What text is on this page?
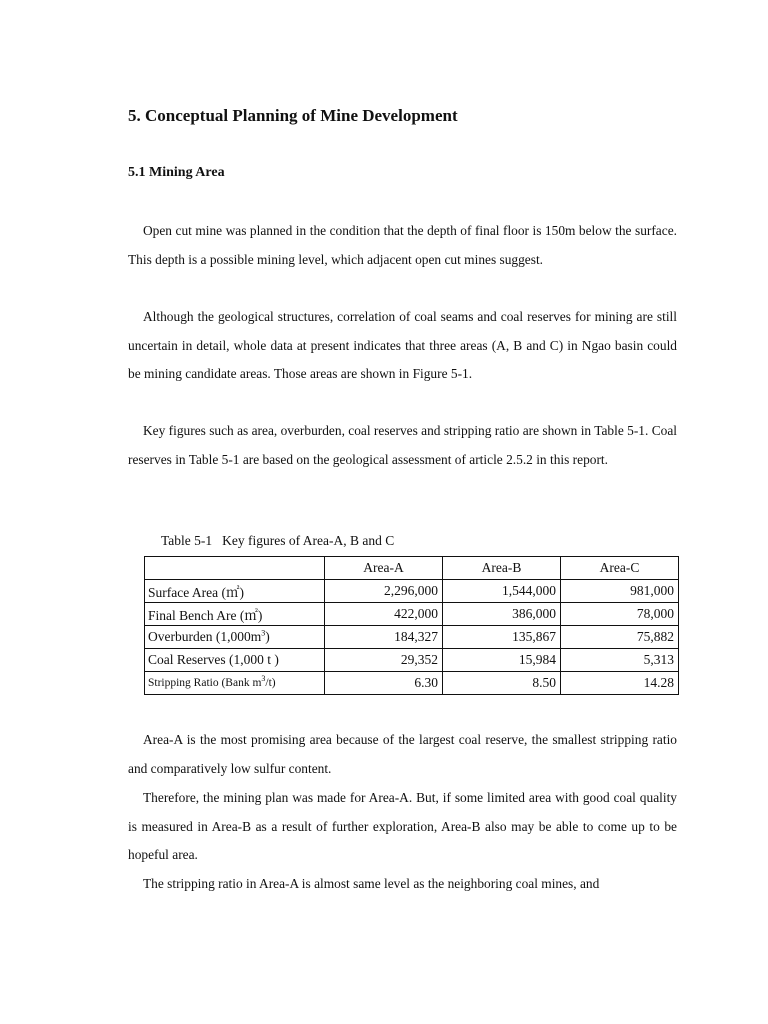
5. Conceptual Planning of Mine Development
5.1 Mining Area

Open cut mine was planned in the condition that the depth of final floor is 150m below the surface. This depth is a possible mining level, which adjacent open cut mines suggest.

Although the geological structures, correlation of coal seams and coal reserves for mining are still uncertain in detail, whole data at present indicates that three areas (A, B and C) in Ngao basin could be mining candidate areas. Those areas are shown in Figure 5-1.

Key figures such as area, overburden, coal reserves and stripping ratio are shown in Table 5-1. Coal reserves in Table 5-1 are based on the geological assessment of article 2.5.2 in this report.

Table 5-1 Key figures of Area-A, B and C
	Area-A	Area-B	Area-C
Surface Area (㎡)	2,296,000	1,544,000	981,000
Final Bench Are (㎡)	422,000	386,000	78,000
Overburden $(1,000m^3)$	184,327	135,867	75,882
Coal Reserves (1,000 t )	29,352	15,984	5,313
Stripping Ratio (Bank $m^3/t$)	6.30	8.50	14.28

Area-A is the most promising area because of the largest coal reserve, the smallest stripping ratio and comparatively low sulfur content.

Therefore, the mining plan was made for Area-A. But, if some limited area with good coal quality is measured in Area-B as a result of further exploration, Area-B also may be able to come up to be hopeful area.

The stripping ratio in Area-A is almost same level as the neighboring coal mines, and
